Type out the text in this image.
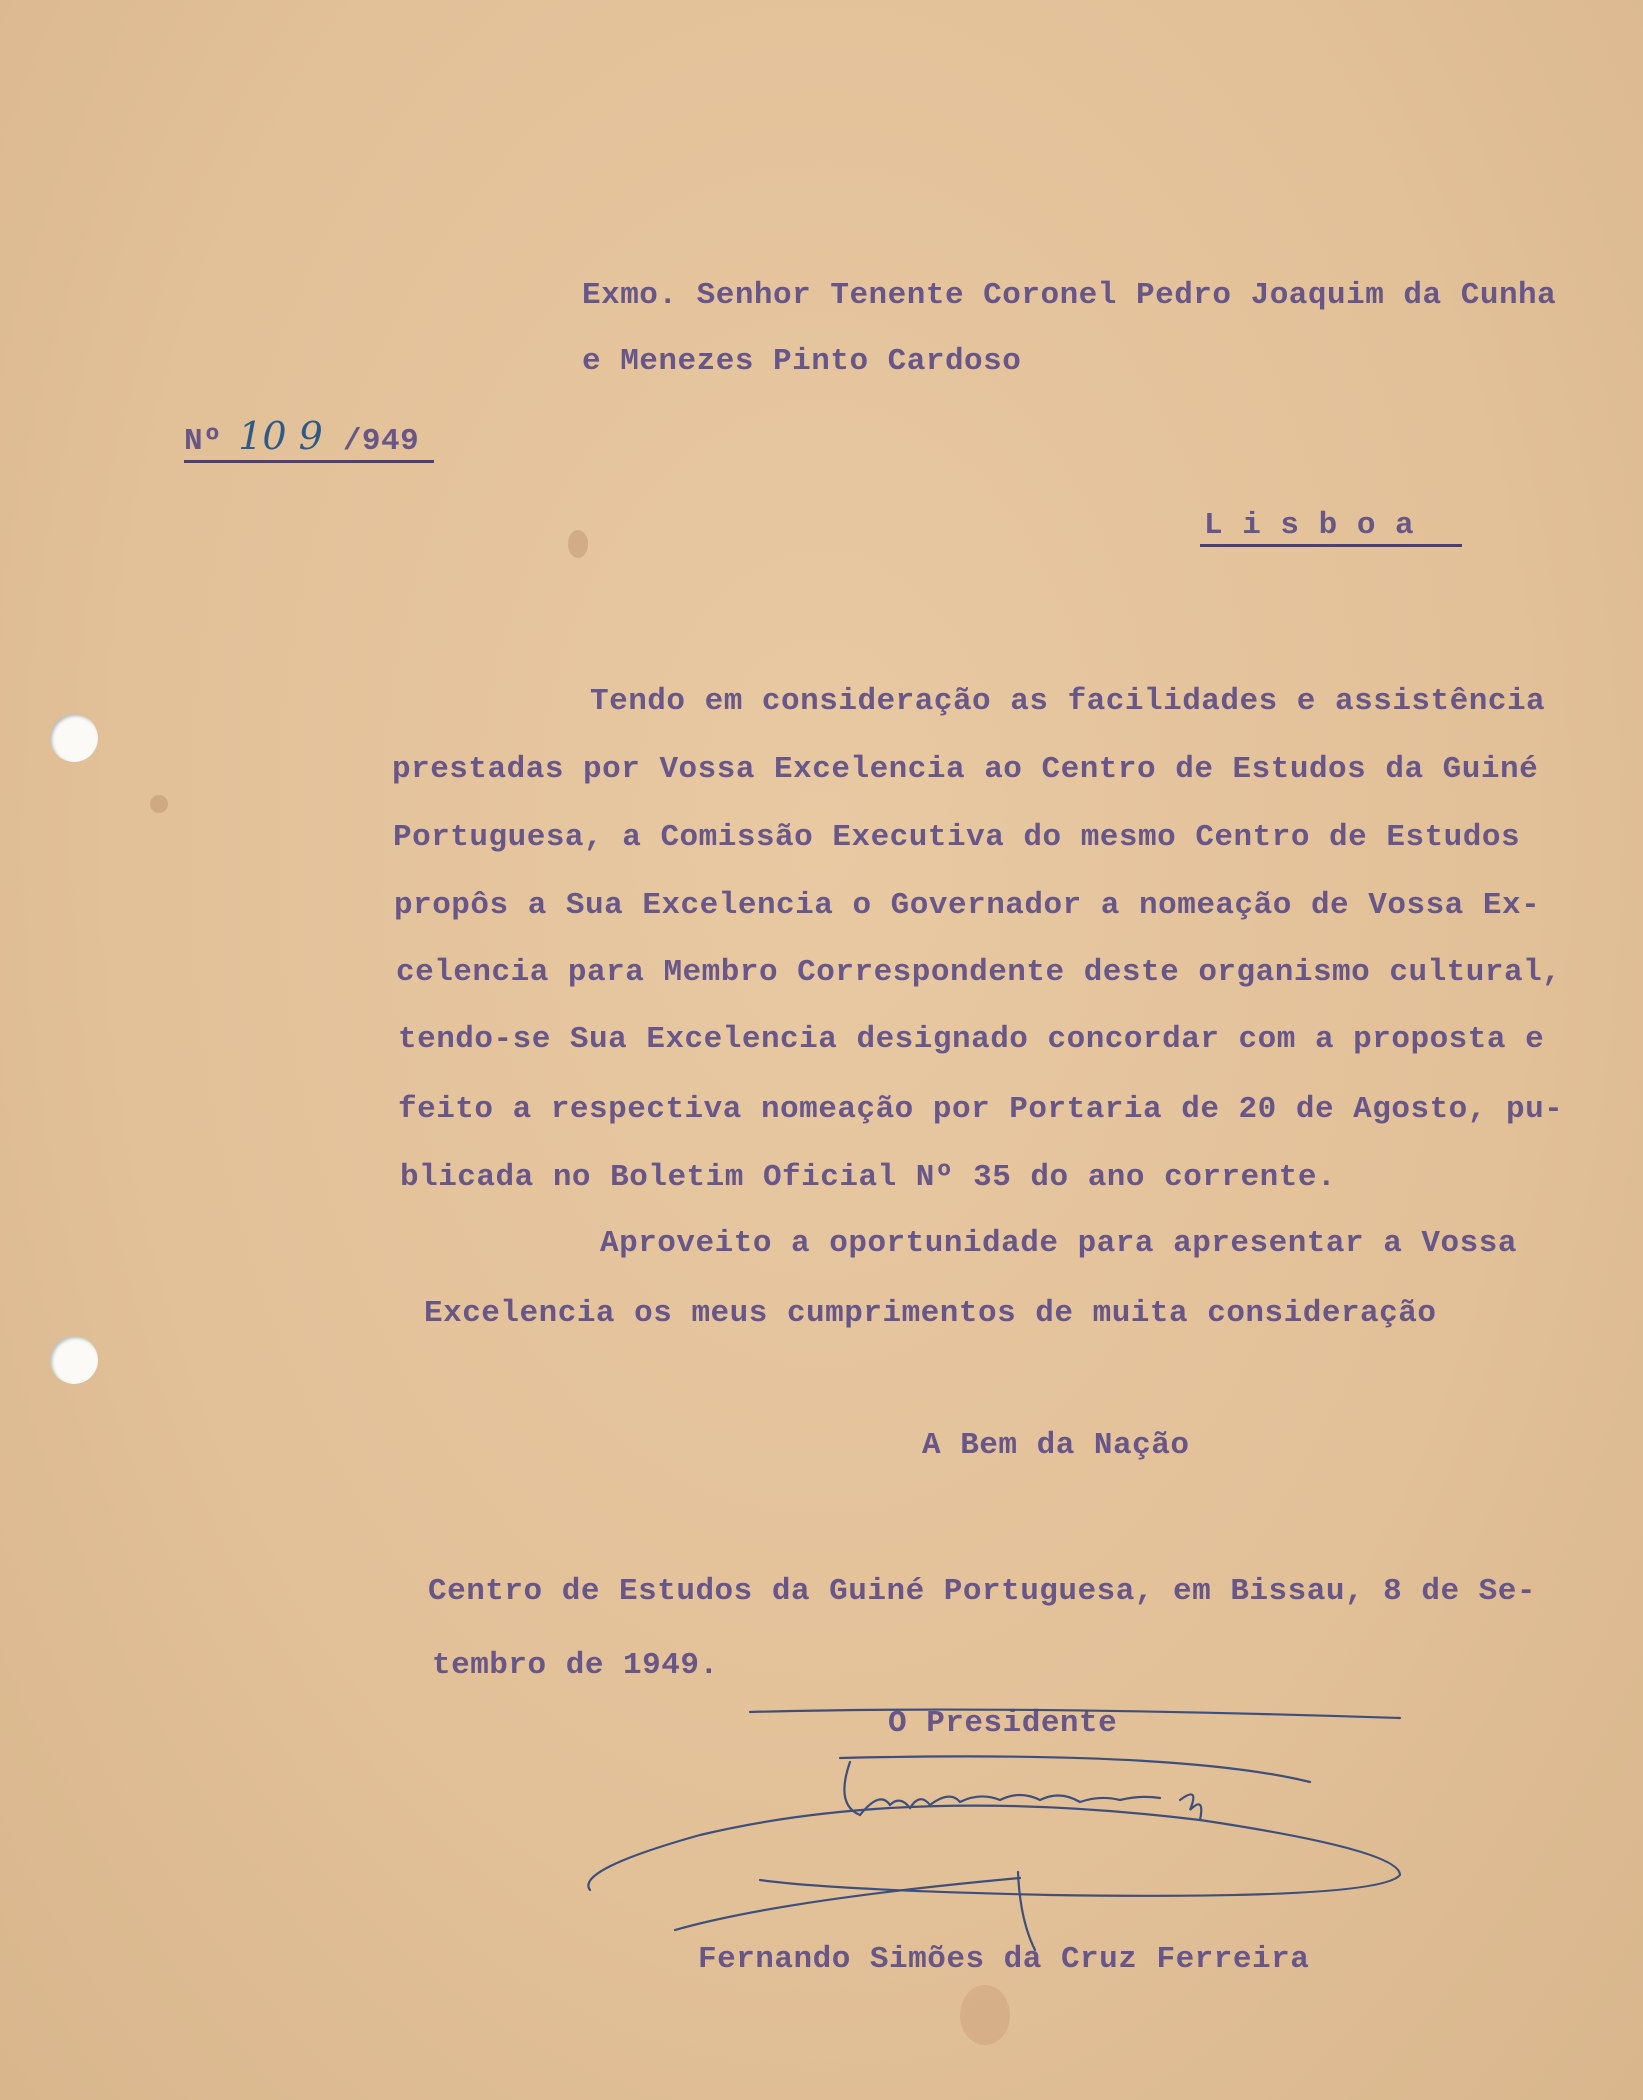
Exmo. Senhor Tenente Coronel Pedro Joaquim da Cunha
e Menezes Pinto Cardoso
Nº 10 9 /949
L i s b o a
Tendo em consideração as facilidades e assistência
prestadas por Vossa Excelencia ao Centro de Estudos da Guiné
Portuguesa, a Comissão Executiva do mesmo Centro de Estudos
propôs a Sua Excelencia o Governador a nomeação de Vossa Ex-
celencia para Membro Correspondente deste organismo cultural,
tendo-se Sua Excelencia designado concordar com a proposta e
feito a respectiva nomeação por Portaria de 20 de Agosto, pu-
blicada no Boletim Oficial Nº 35 do ano corrente.
Aproveito a oportunidade para apresentar a Vossa
Excelencia os meus cumprimentos de muita consideração
A Bem da Nação
Centro de Estudos da Guiné Portuguesa, em Bissau, 8 de Se-
tembro de 1949.
O Presidente
Fernando Simões da Cruz Ferreira
